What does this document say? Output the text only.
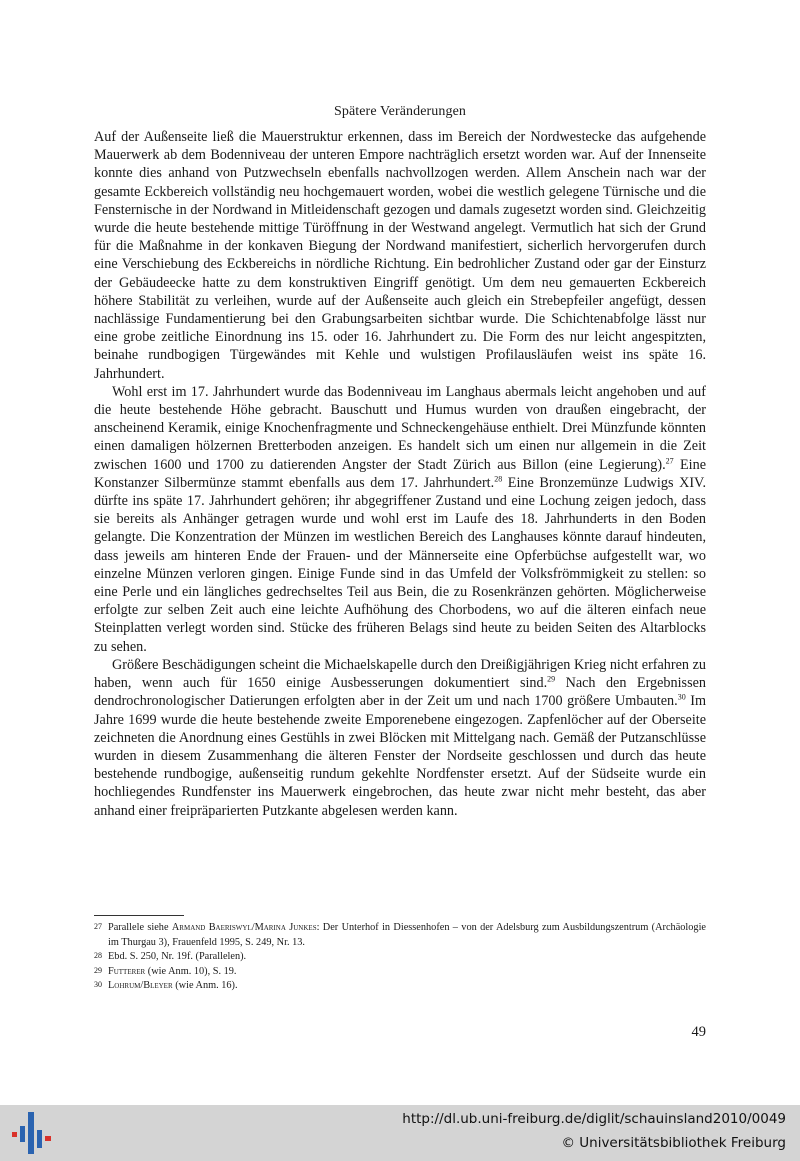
Spätere Veränderungen

Auf der Außenseite ließ die Mauerstruktur erkennen, dass im Bereich der Nordwestecke das aufgehende Mauerwerk ab dem Bodenniveau der unteren Empore nachträglich ersetzt worden war. Auf der Innenseite konnte dies anhand von Putzwechseln ebenfalls nachvollzogen werden. Allem Anschein nach war der gesamte Eckbereich vollständig neu hochgemauert worden, wobei die westlich gelegene Türnische und die Fensternische in der Nordwand in Mitleidenschaft gezogen und damals zugesetzt worden sind. Gleichzeitig wurde die heute bestehende mittige Türöffnung in der Westwand angelegt. Vermutlich hat sich der Grund für die Maßnahme in der konkaven Biegung der Nordwand manifestiert, sicherlich hervorgerufen durch eine Verschiebung des Eckbereichs in nördliche Richtung. Ein bedrohlicher Zustand oder gar der Einsturz der Gebäudeecke hatte zu dem konstruktiven Eingriff genötigt. Um dem neu gemauerten Eckbereich höhere Stabilität zu verleihen, wurde auf der Außenseite auch gleich ein Strebepfeiler angefügt, dessen nachlässige Fundamentierung bei den Grabungsarbeiten sichtbar wurde. Die Schichtenabfolge lässt nur eine grobe zeitliche Einordnung ins 15. oder 16. Jahrhundert zu. Die Form des nur leicht angespitzten, beinahe rundbogigen Türgewändes mit Kehle und wulstigen Profilausläufen weist ins späte 16. Jahrhundert.

Wohl erst im 17. Jahrhundert wurde das Bodenniveau im Langhaus abermals leicht angehoben und auf die heute bestehende Höhe gebracht. Bauschutt und Humus wurden von draußen eingebracht, der anscheinend Keramik, einige Knochenfragmente und Schneckengehäuse enthielt. Drei Münzfunde könnten einen damaligen hölzernen Bretterboden anzeigen. Es handelt sich um einen nur allgemein in die Zeit zwischen 1600 und 1700 zu datierenden Angster der Stadt Zürich aus Billon (eine Legierung).$^{27}$ Eine Konstanzer Silbermünze stammt ebenfalls aus dem 17. Jahrhundert.$^{28}$ Eine Bronzemünze Ludwigs XIV. dürfte ins späte 17. Jahrhundert gehören; ihr abgegriffener Zustand und eine Lochung zeigen jedoch, dass sie bereits als Anhänger getragen wurde und wohl erst im Laufe des 18. Jahrhunderts in den Boden gelangte. Die Konzentration der Münzen im westlichen Bereich des Langhauses könnte darauf hindeuten, dass jeweils am hinteren Ende der Frauen- und der Männerseite eine Opferbüchse aufgestellt war, wo einzelne Münzen verloren gingen. Einige Funde sind in das Umfeld der Volksfrömmigkeit zu stellen: so eine Perle und ein längliches gedrechseltes Teil aus Bein, die zu Rosenkränzen gehörten. Möglicherweise erfolgte zur selben Zeit auch eine leichte Aufhöhung des Chorbodens, wo auf die älteren einfach neue Steinplatten verlegt worden sind. Stücke des früheren Belags sind heute zu beiden Seiten des Altarblocks zu sehen.

Größere Beschädigungen scheint die Michaelskapelle durch den Dreißigjährigen Krieg nicht erfahren zu haben, wenn auch für 1650 einige Ausbesserungen dokumentiert sind.$^{29}$ Nach den Ergebnissen dendrochronologischer Datierungen erfolgten aber in der Zeit um und nach 1700 größere Umbauten.$^{30}$ Im Jahre 1699 wurde die heute bestehende zweite Emporenebene eingezogen. Zapfenlöcher auf der Oberseite zeichneten die Anordnung eines Gestühls in zwei Blöcken mit Mittelgang nach. Gemäß der Putzanschlüsse wurden in diesem Zusammenhang die älteren Fenster der Nordseite geschlossen und durch das heute bestehende rundbogige, außenseitig rundum gekehlte Nordfenster ersetzt. Auf der Südseite wurde ein hochliegendes Rundfenster ins Mauerwerk eingebrochen, das heute zwar nicht mehr besteht, das aber anhand einer freipräparierten Putzkante abgelesen werden kann.

27 Parallele siehe Armand Baeriswyl/Marina Junkes: Der Unterhof in Diessenhofen – von der Adelsburg zum Ausbildungszentrum (Archäologie im Thurgau 3), Frauenfeld 1995, S. 249, Nr. 13.
28 Ebd. S. 250, Nr. 19f. (Parallelen).
29 Futterer (wie Anm. 10), S. 19.
30 Lohrum/Bleyer (wie Anm. 16).
49
http://dl.ub.uni-freiburg.de/diglit/schauinsland2010/0049
© Universitätsbibliothek Freiburg
